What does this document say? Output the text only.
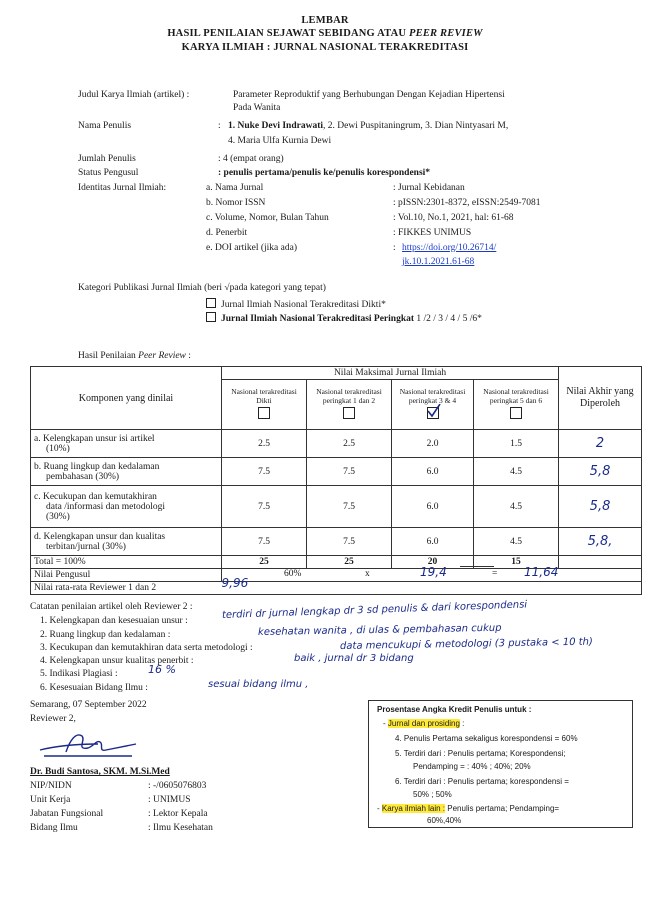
LEMBAR
HASIL PENILAIAN SEJAWAT SEBIDANG ATAU PEER REVIEW
KARYA ILMIAH : JURNAL NASIONAL TERAKREDITASI
Judul Karya Ilmiah (artikel) :	Parameter Reproduktif yang Berhubungan Dengan Kejadian Hipertensi
Pada Wanita
Nama Penulis	: 1. Nuke Devi Indrawati, 2. Dewi Puspitaningrum, 3. Dian Nintyasari M,
4. Maria Ulfa Kurnia Dewi
Jumlah Penulis	: 4 (empat orang)
Status Pengusul	: penulis pertama/penulis ke/penulis korespondensi*
Identitas Jurnal Ilmiah:	a. Nama Jurnal	: Jurnal Kebidanan
b. Nomor ISSN	: pISSN:2301-8372, eISSN:2549-7081
c. Volume, Nomor, Bulan Tahun	: Vol.10, No.1, 2021, hal: 61-68
d. Penerbit	: FIKKES UNIMUS
e. DOI artikel (jika ada)	: https://doi.org/10.26714/
jk.10.1.2021.61-68
Kategori Publikasi Jurnal Ilmiah (beri √pada kategori yang tepat)
Jurnal Ilmiah Nasional Terakreditasi Dikti*
Jurnal Ilmiah Nasional Terakreditasi Peringkat 1 /2 / 3 / 4 / 5 /6*
Hasil Penilaian Peer Review :
Komponen yang dinilai	Nilai Maksimal Jurnal Ilmiah				Nilai Akhir yang Diperoleh

	Nasional terakreditasi Dikti	Nasional terakreditasi peringkat 1 dan 2	Nasional terakreditasi peringkat 3 & 4	Nasional terakreditasi peringkat 5 dan 6	

a. Kelengkapan unsur isi artikel
(10%)	2.5	2.5	2.0	1.5	2

b. Ruang lingkup dan kedalaman
pembahasan (30%)	7.5	7.5	6.0	4.5	5,8

c. Kecukupan dan kemutakhiran
data /informasi dan metodologi
(30%)	7.5	7.5	6.0	4.5	5,8

d. Kelengkapan unsur dan kualitas
terbitan/jurnal (30%)	7.5	7.5	6.0	4.5	5,8,
Total = 100%	25	25	20	15	
Nilai Pengusul	60% x 19,4 = 11,64				

Nilai rata-rata Reviewer 1 dan 2	9,96				

Catatan penilaian artikel oleh Reviewer 2 :
1. Kelengkapan dan kesesuaian unsur :
terdiri dr jurnal lengkap dr 3 sd penulis & dari korespondensi
2. Ruang lingkup dan kedalaman :	kesehatan wanita , di ulas & pembahasan cukup
3. Kecukupan dan kemutakhiran data serta metodologi :	data mencukupi & metodologi (3 pustaka < 10 th)
4. Kelengkapan unsur kualitas penerbit :	baik , jurnal dr 3 bidang
5. Indikasi Plagiasi :	16 %
6. Kesesuaian Bidang Ilmu :	sesuai bidang ilmu ,
Semarang, 07 September 2022
Reviewer 2,
Dr. Budi Santosa, SKM. M.Si.Med
NIP/NIDN	: -/0605076803
Unit Kerja	: UNIMUS
Jabatan Fungsional	: Lektor Kepala
Bidang Ilmu	: Ilmu Kesehatan
Prosentase Angka Kredit Penulis untuk :
- Jurnal dan prosiding :
4. Penulis Pertama sekaligus korespondensi = 60%
5. Terdiri dari : Penulis pertama; Korespondensi;
Pendamping = : 40% ; 40%; 20%
6. Terdiri dari : Penulis pertama; korespondensi =
50% ; 50%
- Karya ilmiah lain : Penulis pertama; Pendamping=
60%,40%
